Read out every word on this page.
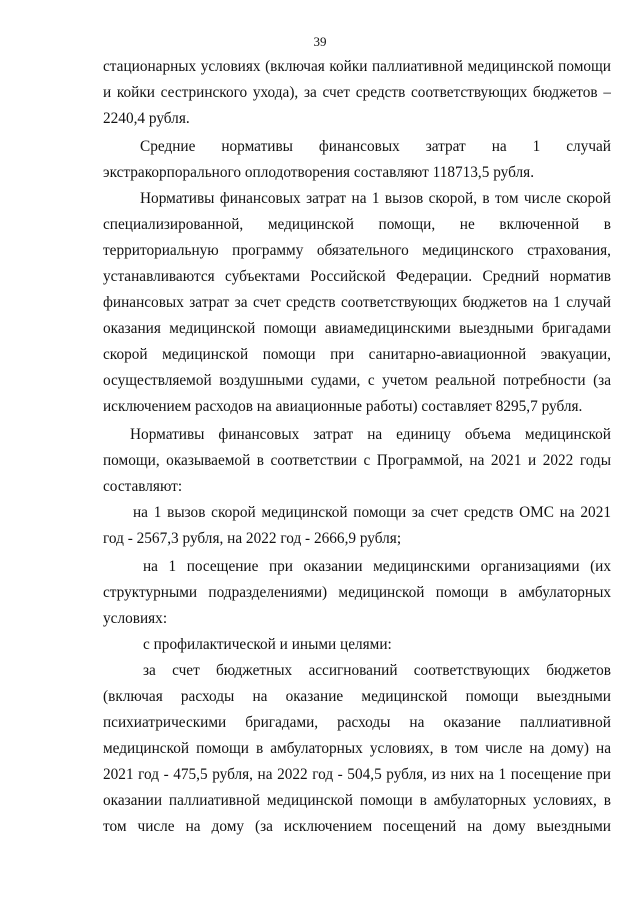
39
стационарных условиях (включая койки паллиативной медицинской помощи
и койки сестринского ухода), за счет средств соответствующих бюджетов –
2240,4 рубля.
Средние нормативы финансовых затрат на 1 случай
экстракорпорального оплодотворения составляют 118713,5 рубля.
Нормативы финансовых затрат на 1 вызов скорой, в том числе скорой
специализированной, медицинской помощи, не включенной в
территориальную программу обязательного медицинского страхования,
устанавливаются субъектами Российской Федерации. Средний норматив
финансовых затрат за счет средств соответствующих бюджетов на 1 случай
оказания медицинской помощи авиамедицинскими выездными бригадами
скорой медицинской помощи при санитарно-авиационной эвакуации,
осуществляемой воздушными судами, с учетом реальной потребности (за
исключением расходов на авиационные работы) составляет 8295,7 рубля.
Нормативы финансовых затрат на единицу объема медицинской
помощи, оказываемой в соответствии с Программой, на 2021 и 2022 годы
составляют:
на 1 вызов скорой медицинской помощи за счет средств ОМС на 2021
год - 2567,3 рубля, на 2022 год - 2666,9 рубля;
на 1 посещение при оказании медицинскими организациями (их
структурными подразделениями) медицинской помощи в амбулаторных
условиях:
с профилактической и иными целями:
за счет бюджетных ассигнований соответствующих бюджетов
(включая расходы на оказание медицинской помощи выездными
психиатрическими бригадами, расходы на оказание паллиативной
медицинской помощи в амбулаторных условиях, в том числе на дому) на
2021 год - 475,5 рубля, на 2022 год - 504,5 рубля, из них на 1 посещение при
оказании паллиативной медицинской помощи в амбулаторных условиях, в
том числе на дому (за исключением посещений на дому выездными
